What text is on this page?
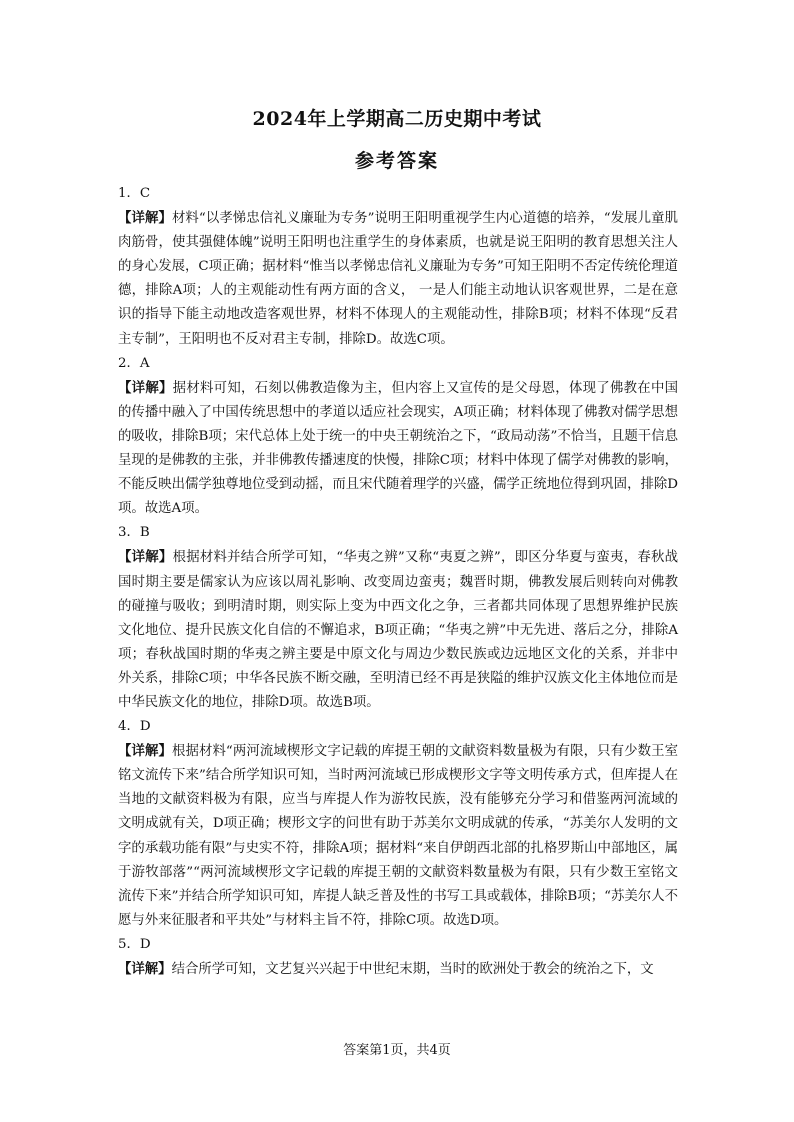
2024年上学期高二历史期中考试
参考答案
1．C
【详解】材料“以孝悌忠信礼义廉耻为专务”说明王阳明重视学生内心道德的培养，“发展儿童肌肉筋骨，使其强健体魄”说明王阳明也注重学生的身体素质，也就是说王阳明的教育思想关注人的身心发展，C项正确；据材料“惟当以孝悌忠信礼义廉耻为专务”可知王阳明不否定传统伦理道德，排除A项；人的主观能动性有两方面的含义， 一是人们能主动地认识客观世界，二是在意识的指导下能主动地改造客观世界，材料不体现人的主观能动性，排除B项；材料不体现“反君主专制”，王阳明也不反对君主专制，排除D。故选C项。
2．A
【详解】据材料可知，石刻以佛教造像为主，但内容上又宣传的是父母恩，体现了佛教在中国的传播中融入了中国传统思想中的孝道以适应社会现实，A项正确；材料体现了佛教对儒学思想的吸收，排除B项；宋代总体上处于统一的中央王朝统治之下，“政局动荡”不恰当，且题干信息呈现的是佛教的主张，并非佛教传播速度的快慢，排除C项；材料中体现了儒学对佛教的影响，不能反映出儒学独尊地位受到动摇，而且宋代随着理学的兴盛，儒学正统地位得到巩固，排除D项。故选A项。
3．B
【详解】根据材料并结合所学可知，“华夷之辨”又称“夷夏之辨”，即区分华夏与蛮夷，春秋战国时期主要是儒家认为应该以周礼影响、改变周边蛮夷；魏晋时期，佛教发展后则转向对佛教的碰撞与吸收；到明清时期，则实际上变为中西文化之争，三者都共同体现了思想界维护民族文化地位、提升民族文化自信的不懈追求，B项正确；“华夷之辨”中无先进、落后之分，排除A项；春秋战国时期的华夷之辨主要是中原文化与周边少数民族或边远地区文化的关系，并非中外关系，排除C项；中华各民族不断交融，至明清已经不再是狭隘的维护汉族文化主体地位而是中华民族文化的地位，排除D项。故选B项。
4．D
【详解】根据材料“两河流域楔形文字记载的库提王朝的文献资料数量极为有限，只有少数王室铭文流传下来”结合所学知识可知，当时两河流域已形成楔形文字等文明传承方式，但库提人在当地的文献资料极为有限，应当与库提人作为游牧民族，没有能够充分学习和借鉴两河流域的文明成就有关，D项正确；楔形文字的问世有助于苏美尔文明成就的传承，“苏美尔人发明的文字的承载功能有限”与史实不符，排除A项；据材料“来自伊朗西北部的扎格罗斯山中部地区，属于游牧部落”“两河流域楔形文字记载的库提王朝的文献资料数量极为有限，只有少数王室铭文流传下来”并结合所学知识可知，库提人缺乏普及性的书写工具或载体，排除B项；“苏美尔人不愿与外来征服者和平共处”与材料主旨不符，排除C项。故选D项。
5．D
【详解】结合所学可知，文艺复兴兴起于中世纪末期，当时的欧洲处于教会的统治之下，文
答案第1页，共4页
